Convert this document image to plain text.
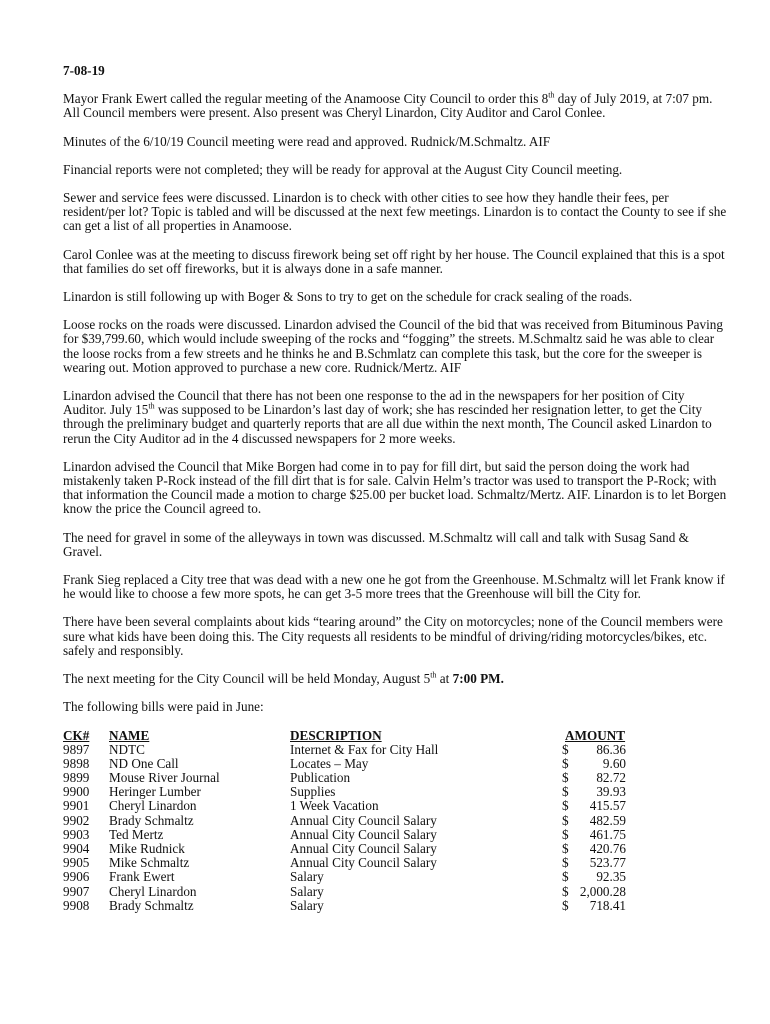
7-08-19

Mayor Frank Ewert called the regular meeting of the Anamoose City Council to order this 8th day of July 2019, at 7:07 pm. All Council members were present. Also present was Cheryl Linardon, City Auditor and Carol Conlee.

Minutes of the 6/10/19 Council meeting were read and approved. Rudnick/M.Schmaltz. AIF

Financial reports were not completed; they will be ready for approval at the August City Council meeting.

Sewer and service fees were discussed. Linardon is to check with other cities to see how they handle their fees, per resident/per lot? Topic is tabled and will be discussed at the next few meetings. Linardon is to contact the County to see if she can get a list of all properties in Anamoose.

Carol Conlee was at the meeting to discuss firework being set off right by her house. The Council explained that this is a spot that families do set off fireworks, but it is always done in a safe manner.

Linardon is still following up with Boger & Sons to try to get on the schedule for crack sealing of the roads.

Loose rocks on the roads were discussed. Linardon advised the Council of the bid that was received from Bituminous Paving for $39,799.60, which would include sweeping of the rocks and “fogging” the streets. M.Schmaltz said he was able to clear the loose rocks from a few streets and he thinks he and B.Schmlatz can complete this task, but the core for the sweeper is wearing out. Motion approved to purchase a new core. Rudnick/Mertz. AIF

Linardon advised the Council that there has not been one response to the ad in the newspapers for her position of City Auditor. July 15th was supposed to be Linardon’s last day of work; she has rescinded her resignation letter, to get the City through the preliminary budget and quarterly reports that are all due within the next month, The Council asked Linardon to rerun the City Auditor ad in the 4 discussed newspapers for 2 more weeks.

Linardon advised the Council that Mike Borgen had come in to pay for fill dirt, but said the person doing the work had mistakenly taken P-Rock instead of the fill dirt that is for sale. Calvin Helm’s tractor was used to transport the P-Rock; with that information the Council made a motion to charge $25.00 per bucket load. Schmaltz/Mertz. AIF. Linardon is to let Borgen know the price the Council agreed to.

The need for gravel in some of the alleyways in town was discussed. M.Schmaltz will call and talk with Susag Sand & Gravel.

Frank Sieg replaced a City tree that was dead with a new one he got from the Greenhouse. M.Schmaltz will let Frank know if he would like to choose a few more spots, he can get 3-5 more trees that the Greenhouse will bill the City for.

There have been several complaints about kids “tearing around” the City on motorcycles; none of the Council members were sure what kids have been doing this. The City requests all residents to be mindful of driving/riding motorcycles/bikes, etc. safely and responsibly.

The next meeting for the City Council will be held Monday, August 5th at 7:00 PM.

The following bills were paid in June:

CK# NAME	DESCRIPTION	AMOUNT
9897 NDTC	Internet & Fax for City Hall	$	86.36
9898 ND One Call	Locates – May	$	9.60
9899 Mouse River Journal	Publication	$	82.72
9900 Heringer Lumber	Supplies	$	39.93
9901 Cheryl Linardon	1 Week Vacation	$	415.57
9902 Brady Schmaltz	Annual City Council Salary	$	482.59
9903 Ted Mertz	Annual City Council Salary	$	461.75
9904 Mike Rudnick	Annual City Council Salary	$	420.76
9905 Mike Schmaltz	Annual City Council Salary	$	523.77
9906 Frank Ewert	Salary	$	92.35
9907 Cheryl Linardon	Salary	$ 2,000.28
9908 Brady Schmaltz	Salary	$	718.41
